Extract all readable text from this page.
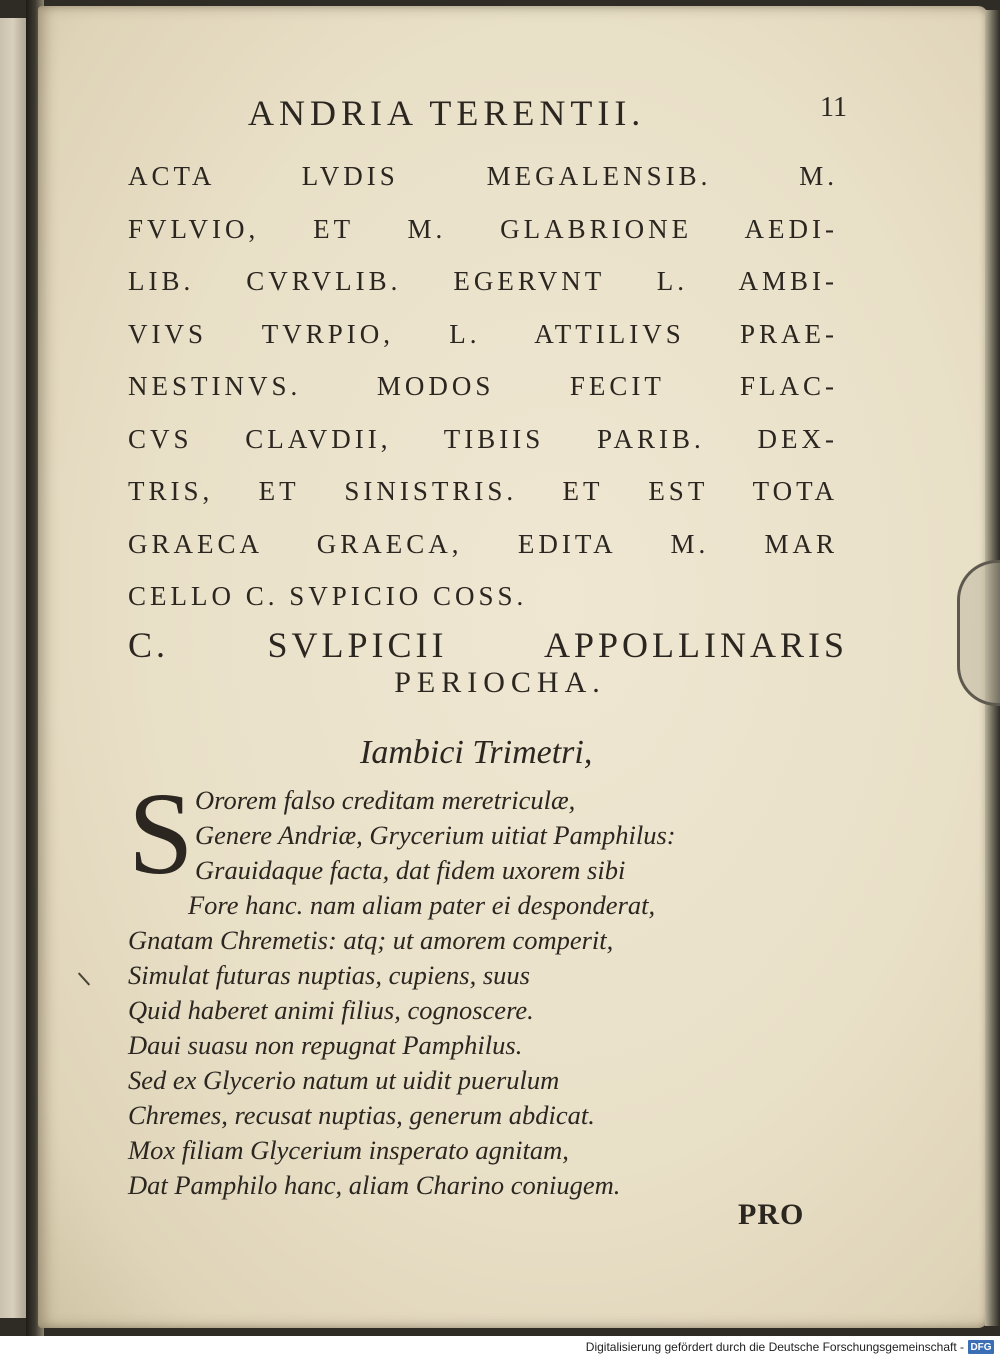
ANDRIA TERENTII.	11
ACTA LVDIS MEGALENSIB. M.
FVLVIO, ET M. GLABRIONE AEDI-
LIB. CVRVLIB. EGERVNT L. AMBI-
VIVS TVRPIO, L. ATTILIVS PRAE-
NESTINVS. MODOS FECIT FLAC-
CVS CLAVDII, TIBIIS PARIB. DEX-
TRIS, ET SINISTRIS. ET EST TOTA
GRAECA GRAECA, EDITA M. MAR
CELLO C. SVPICIO COSS.
C. SVLPICII APPOLLINARIS
PERIOCHA.
Iambici Trimetri,
S Ororem falso creditam meretriculæ,
Genere Andriæ, Grycerium uitiat Pamphilus:
Grauidaque facta, dat fidem uxorem sibi
Fore hanc. nam aliam pater ei desponderat,
Gnatam Chremetis: atq; ut amorem comperit,
Simulat futuras nuptias, cupiens, suus
Quid haberet animi filius, cognoscere.
Daui suasu non repugnat Pamphilus.
Sed ex Glycerio natum ut uidit puerulum
Chremes, recusat nuptias, generum abdicat.
Mox filiam Glycerium insperato agnitam,
Dat Pamphilo hanc, aliam Charino coniugem.
PRO
Digitalisierung gefördert durch die Deutsche Forschungsgemeinschaft - DFG
